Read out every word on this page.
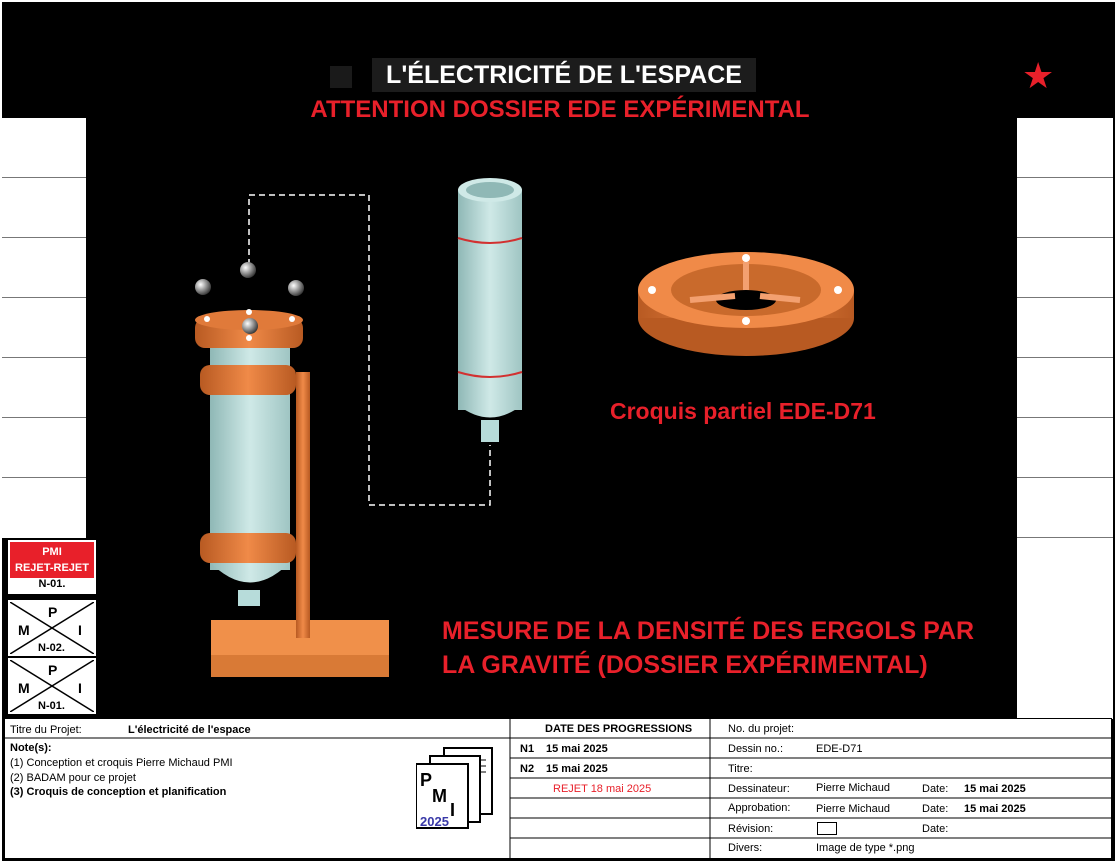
L'ÉLECTRICITÉ DE L'ESPACE
ATTENTION DOSSIER EDE EXPÉRIMENTAL
★
Croquis partiel EDE-D71
MESURE DE LA DENSITÉ DES ERGOLS PAR
LA GRAVITÉ (DOSSIER EXPÉRIMENTAL)
PMI
REJET-REJET
N-01.
M
P
I
N-02.
M
P
I
N-01.
Titre du Projet:	L'électricité de l'espace
Note(s):
(1) Conception et croquis Pierre Michaud PMI
(2) BADAM pour ce projet
(3) Croquis de conception et planification
P
M
I
2025
DATE DES PROGRESSIONS
N1 15 mai 2025
N2 15 mai 2025
REJET 18 mai 2025
No. du projet:
Dessin no.:	EDE-D71
Titre:
Dessinateur: Pierre Michaud	Date: 15 mai 2025
Approbation: Pierre Michaud	Date: 15 mai 2025
Révision:	Date:
Divers:	Image de type *.png
